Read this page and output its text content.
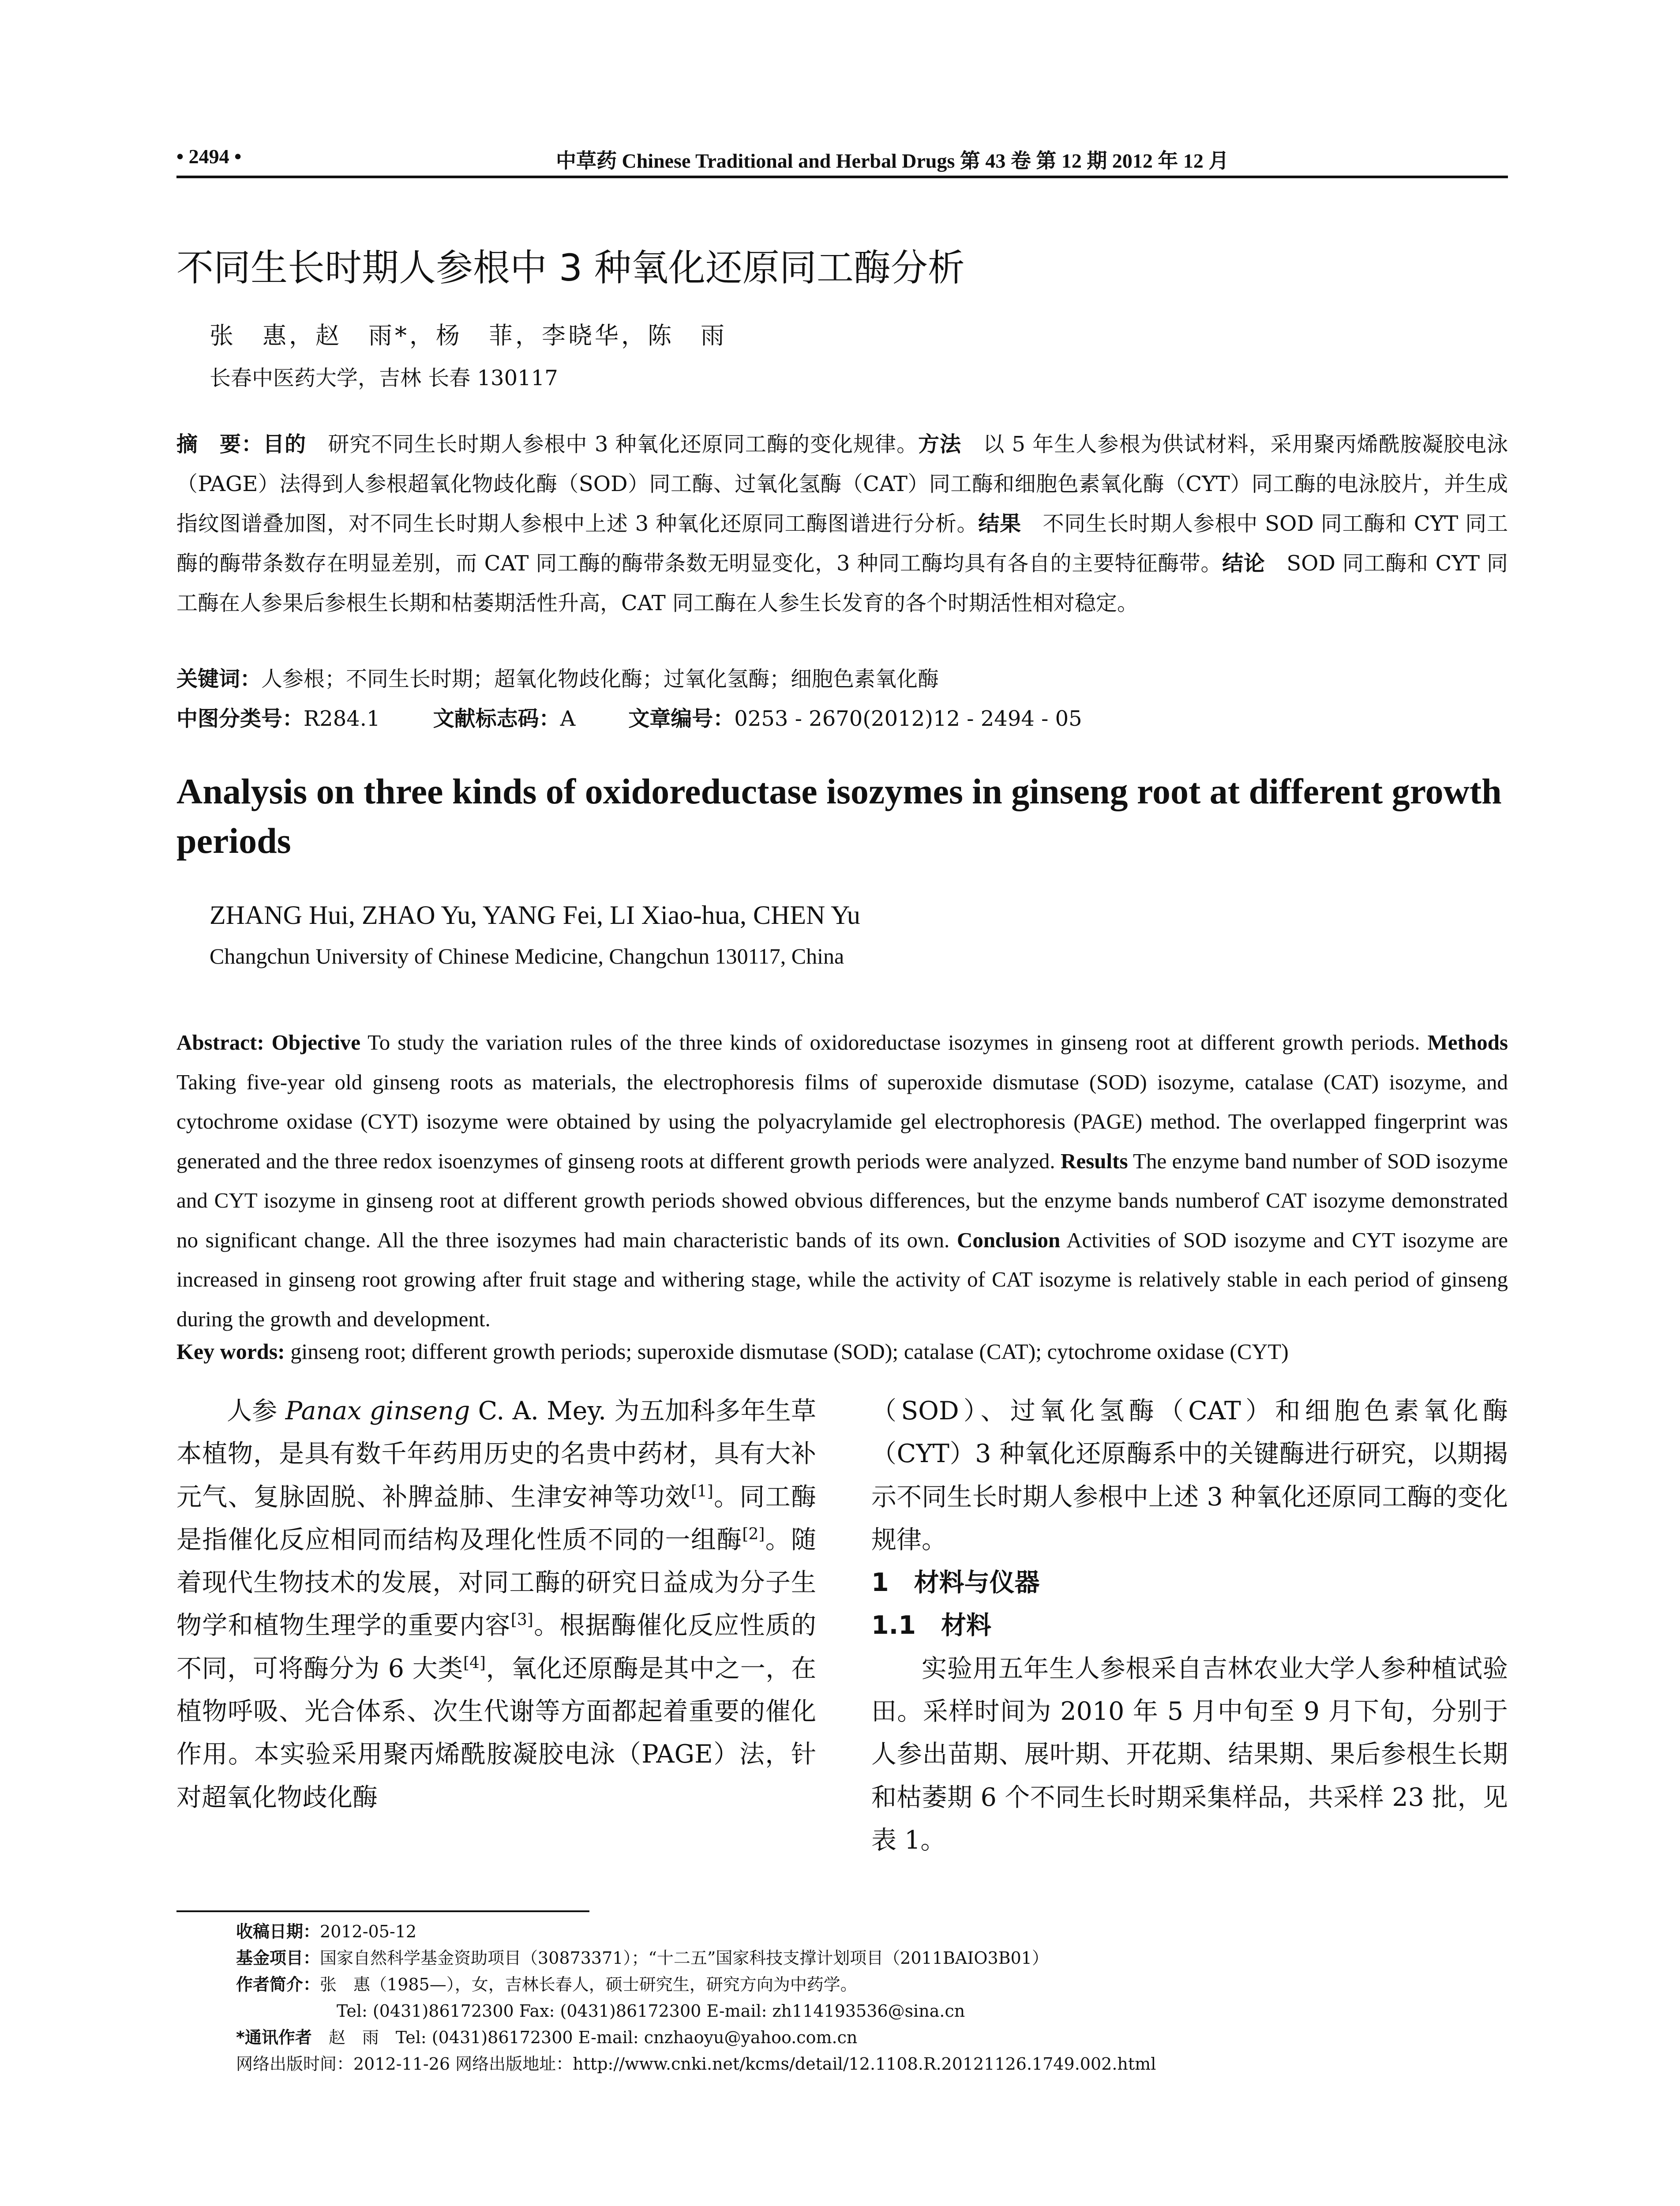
• 2494 •	中草药 Chinese Traditional and Herbal Drugs 第 43 卷 第 12 期 2012 年 12 月
不同生长时期人参根中 3 种氧化还原同工酶分析
张　惠，赵　雨*，杨　菲，李晓华，陈　雨
长春中医药大学，吉林 长春 130117
摘　要：目的　研究不同生长时期人参根中 3 种氧化还原同工酶的变化规律。方法　以 5 年生人参根为供试材料，采用聚丙烯酰胺凝胶电泳（PAGE）法得到人参根超氧化物歧化酶（SOD）同工酶、过氧化氢酶（CAT）同工酶和细胞色素氧化酶（CYT）同工酶的电泳胶片，并生成指纹图谱叠加图，对不同生长时期人参根中上述 3 种氧化还原同工酶图谱进行分析。结果　不同生长时期人参根中 SOD 同工酶和 CYT 同工酶的酶带条数存在明显差别，而 CAT 同工酶的酶带条数无明显变化，3 种同工酶均具有各自的主要特征酶带。结论　SOD 同工酶和 CYT 同工酶在人参果后参根生长期和枯萎期活性升高，CAT 同工酶在人参生长发育的各个时期活性相对稳定。
关键词：人参根；不同生长时期；超氧化物歧化酶；过氧化氢酶；细胞色素氧化酶
中图分类号：R284.1	文献标志码：A	文章编号：0253 - 2670(2012)12 - 2494 - 05
Analysis on three kinds of oxidoreductase isozymes in ginseng root at different growth periods
ZHANG Hui, ZHAO Yu, YANG Fei, LI Xiao-hua, CHEN Yu
Changchun University of Chinese Medicine, Changchun 130117, China
Abstract: Objective To study the variation rules of the three kinds of oxidoreductase isozymes in ginseng root at different growth periods. Methods Taking five-year old ginseng roots as materials, the electrophoresis films of superoxide dismutase (SOD) isozyme, catalase (CAT) isozyme, and cytochrome oxidase (CYT) isozyme were obtained by using the polyacrylamide gel electrophoresis (PAGE) method. The overlapped fingerprint was generated and the three redox isoenzymes of ginseng roots at different growth periods were analyzed. Results The enzyme band number of SOD isozyme and CYT isozyme in ginseng root at different growth periods showed obvious differences, but the enzyme bands numberof CAT isozyme demonstrated no significant change. All the three isozymes had main characteristic bands of its own. Conclusion Activities of SOD isozyme and CYT isozyme are increased in ginseng root growing after fruit stage and withering stage, while the activity of CAT isozyme is relatively stable in each period of ginseng during the growth and development.
Key words: ginseng root; different growth periods; superoxide dismutase (SOD); catalase (CAT); cytochrome oxidase (CYT)

人参 Panax ginseng C. A. Mey. 为五加科多年生草本植物，是具有数千年药用历史的名贵中药材，具有大补元气、复脉固脱、补脾益肺、生津安神等功效[1]。同工酶是指催化反应相同而结构及理化性质不同的一组酶[2]。随着现代生物技术的发展，对同工酶的研究日益成为分子生物学和植物生理学的重要内容[3]。根据酶催化反应性质的不同，可将酶分为 6 大类[4]，氧化还原酶是其中之一，在植物呼吸、光合体系、次生代谢等方面都起着重要的催化作用。本实验采用聚丙烯酰胺凝胶电泳（PAGE）法，针对超氧化物歧化酶

（SOD）、过氧化氢酶（CAT）和细胞色素氧化酶（CYT）3 种氧化还原酶系中的关键酶进行研究，以期揭示不同生长时期人参根中上述 3 种氧化还原同工酶的变化规律。

1　材料与仪器

1.1　材料

实验用五年生人参根采自吉林农业大学人参种植试验田。采样时间为 2010 年 5 月中旬至 9 月下旬，分别于人参出苗期、展叶期、开花期、结果期、果后参根生长期和枯萎期 6 个不同生长时期采集样品，共采样 23 批，见表 1。

收稿日期：2012-05-12
基金项目：国家自然科学基金资助项目（30873371）；“十二五”国家科技支撑计划项目（2011BAIO3B01）
作者简介：张　惠（1985—），女，吉林长春人，硕士研究生，研究方向为中药学。
Tel: (0431)86172300 Fax: (0431)86172300 E-mail: zh114193536@sina.cn
*通讯作者　赵　雨　Tel: (0431)86172300 E-mail: cnzhaoyu@yahoo.com.cn
网络出版时间：2012-11-26 网络出版地址：http://www.cnki.net/kcms/detail/12.1108.R.20121126.1749.002.html
